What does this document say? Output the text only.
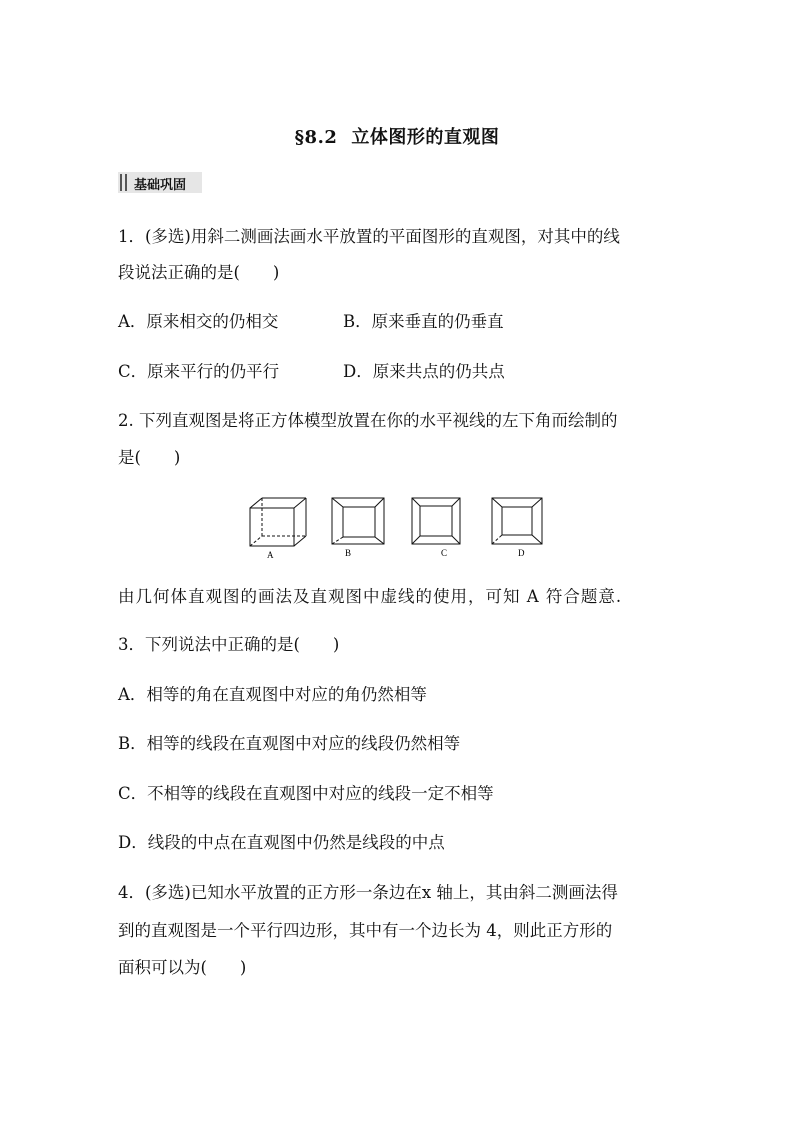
§8.2 立体图形的直观图
基础巩固
1．(多选)用斜二测画法画水平放置的平面图形的直观图，对其中的线
段说法正确的是(　　)
A．原来相交的仍相交	B．原来垂直的仍垂直
C．原来平行的仍平行	D．原来共点的仍共点
2. 下列直观图是将正方体模型放置在你的水平视线的左下角而绘制的
是(　　)
A	B	C	D
由几何体直观图的画法及直观图中虚线的使用，可知 A 符合题意.
3．下列说法中正确的是(　　)
A．相等的角在直观图中对应的角仍然相等
B．相等的线段在直观图中对应的线段仍然相等
C．不相等的线段在直观图中对应的线段一定不相等
D．线段的中点在直观图中仍然是线段的中点
4．(多选)已知水平放置的正方形一条边在x 轴上，其由斜二测画法得
到的直观图是一个平行四边形，其中有一个边长为 4，则此正方形的
面积可以为(　　)
